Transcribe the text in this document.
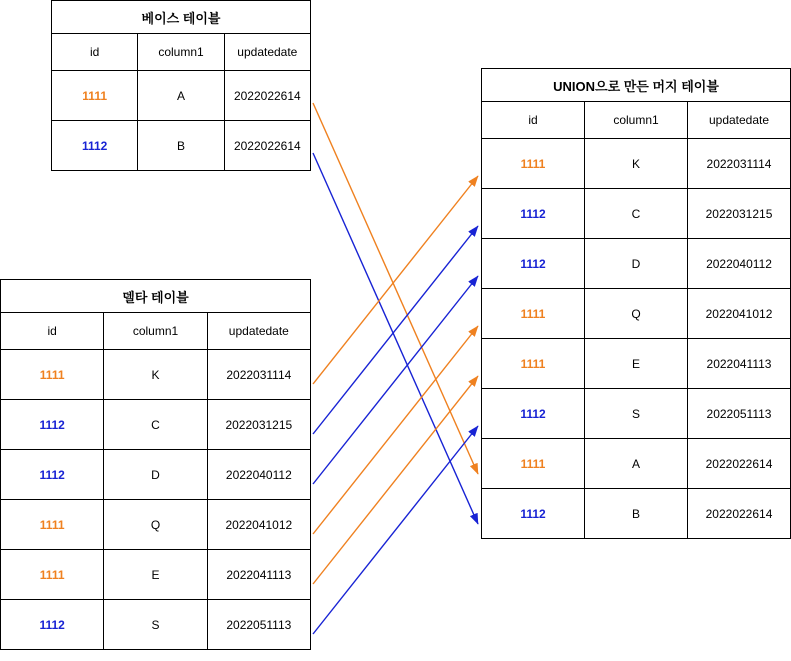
베이스 테이블		
id	column1	updatedate
1111	A	2022022614
1112	B	2022022614
델타 테이블		
id	column1	updatedate
1111	K	2022031114
1112	C	2022031215
1112	D	2022040112
1111	Q	2022041012
1111	E	2022041113
1112	S	2022051113
UNION으로 만든 머지 테이블		
id	column1	updatedate
1111	K	2022031114
1112	C	2022031215
1112	D	2022040112
1111	Q	2022041012
1111	E	2022041113
1112	S	2022051113
1111	A	2022022614
1112	B	2022022614
